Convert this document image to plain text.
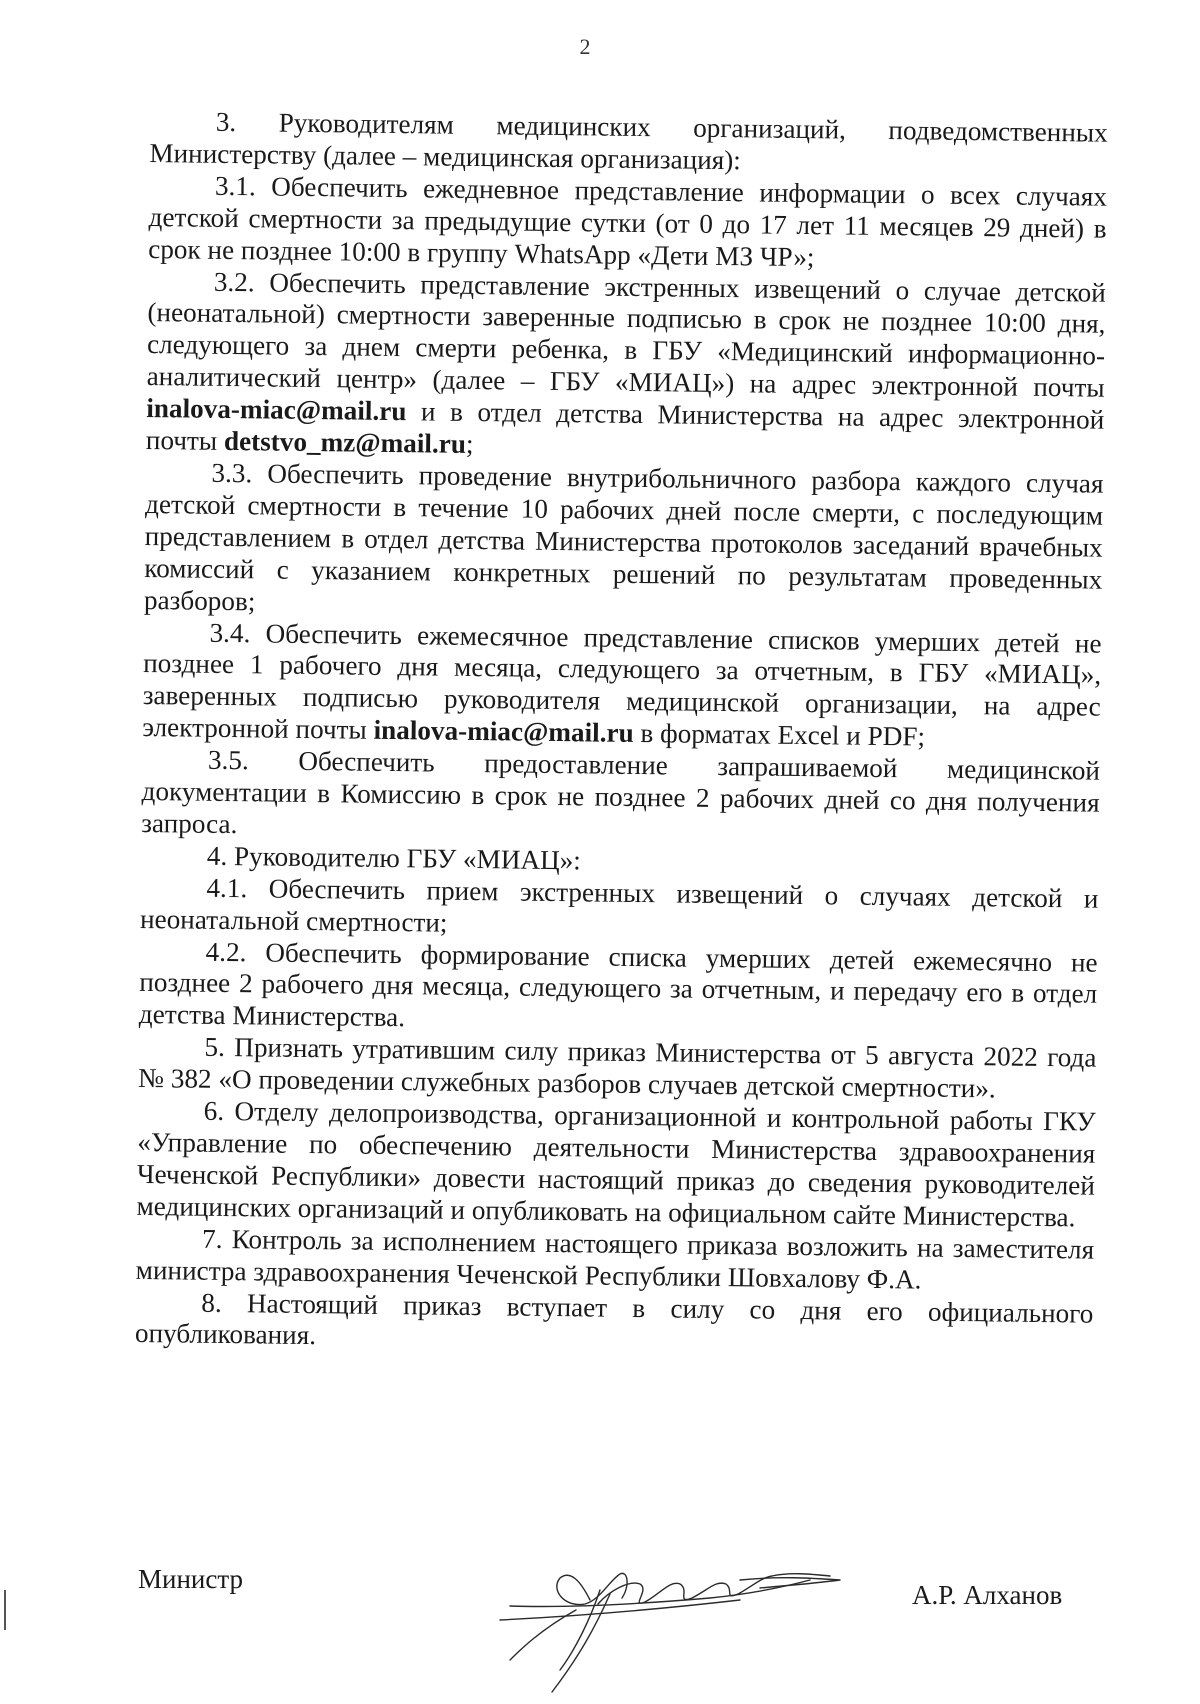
2

3. Руководителям медицинских организаций, подведомственных Министерству (далее – медицинская организация):

3.1. Обеспечить ежедневное представление информации о всех случаях детской смертности за предыдущие сутки (от 0 до 17 лет 11 месяцев 29 дней) в срок не позднее 10:00 в группу WhatsApp «Дети МЗ ЧР»;

3.2. Обеспечить представление экстренных извещений о случае детской (неонатальной) смертности заверенные подписью в срок не позднее 10:00 дня, следующего за днем смерти ребенка, в ГБУ «Медицинский информационно-аналитический центр» (далее – ГБУ «МИАЦ») на адрес электронной почты inalova-miac@mail.ru и в отдел детства Министерства на адрес электронной почты detstvo_mz@mail.ru;

3.3. Обеспечить проведение внутрибольничного разбора каждого случая детской смертности в течение 10 рабочих дней после смерти, с последующим представлением в отдел детства Министерства протоколов заседаний врачебных комиссий с указанием конкретных решений по результатам проведенных разборов;

3.4. Обеспечить ежемесячное представление списков умерших детей не позднее 1 рабочего дня месяца, следующего за отчетным, в ГБУ «МИАЦ», заверенных подписью руководителя медицинской организации, на адрес электронной почты inalova-miac@mail.ru в форматах Excel и PDF;

3.5. Обеспечить предоставление запрашиваемой медицинской документации в Комиссию в срок не позднее 2 рабочих дней со дня получения запроса.

4. Руководителю ГБУ «МИАЦ»:

4.1. Обеспечить прием экстренных извещений о случаях детской и неонатальной смертности;

4.2. Обеспечить формирование списка умерших детей ежемесячно не позднее 2 рабочего дня месяца, следующего за отчетным, и передачу его в отдел детства Министерства.

5. Признать утратившим силу приказ Министерства от 5 августа 2022 года № 382 «О проведении служебных разборов случаев детской смертности».

6. Отделу делопроизводства, организационной и контрольной работы ГКУ «Управление по обеспечению деятельности Министерства здравоохранения Чеченской Республики» довести настоящий приказ до сведения руководителей медицинских организаций и опубликовать на официальном сайте Министерства.

7. Контроль за исполнением настоящего приказа возложить на заместителя министра здравоохранения Чеченской Республики Шовхалову Ф.А.

8. Настоящий приказ вступает в силу со дня его официального опубликования.

Министр
А.Р. Алханов
